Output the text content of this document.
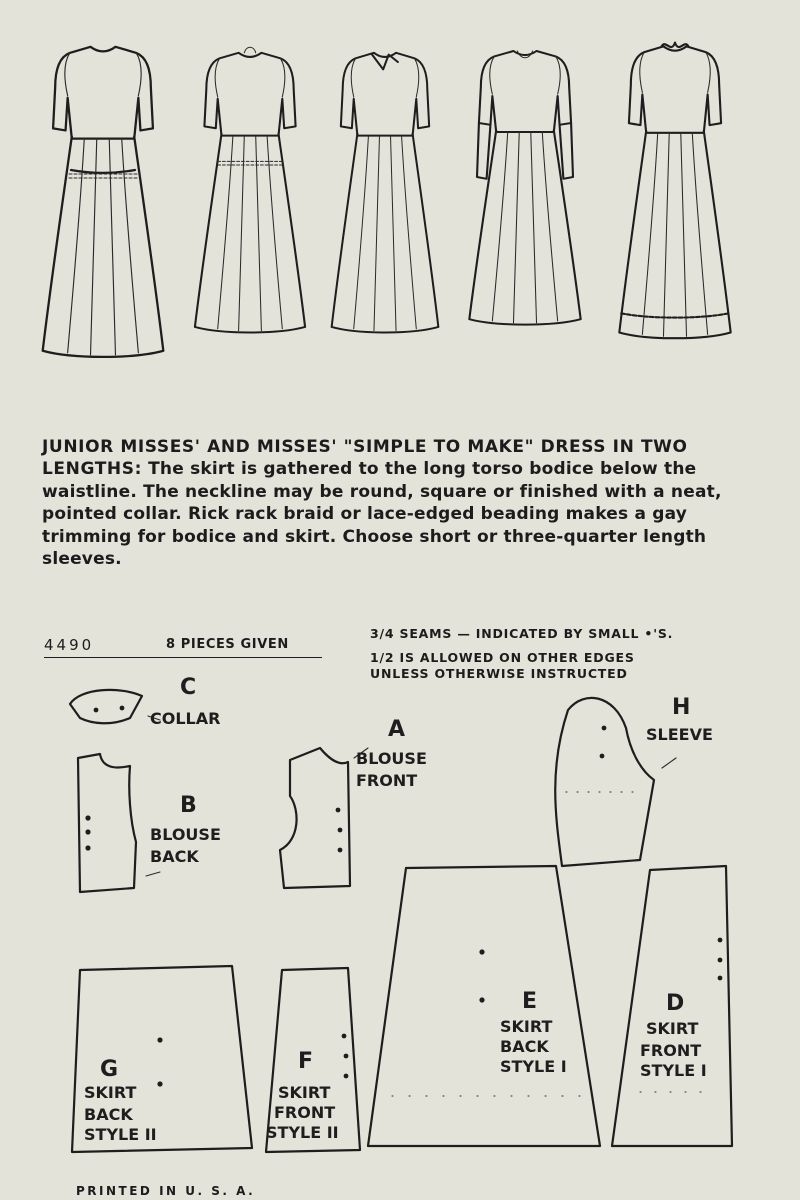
JUNIOR MISSES' AND MISSES' "SIMPLE TO MAKE" DRESS IN TWO LENGTHS: The skirt is gathered to the long torso bodice below the waistline. The neckline may be round, square or finished with a neat, pointed collar. Rick rack braid or lace-edged beading makes a gay trimming for bodice and skirt. Choose short or three-quarter length sleeves.

4490	8 PIECES GIVEN
3/4 SEAMS — INDICATED BY SMALL •'S.
1/2 IS ALLOWED ON OTHER EDGES
UNLESS OTHERWISE INSTRUCTED
C
COLLAR
B
BLOUSE
BACK
A
BLOUSE
FRONT
H
SLEEVE
E
SKIRT
BACK
STYLE I
D
SKIRT
FRONT
STYLE I
G
SKIRT
BACK
STYLE II
F
SKIRT
FRONT
STYLE II
PRINTED IN U. S. A.
